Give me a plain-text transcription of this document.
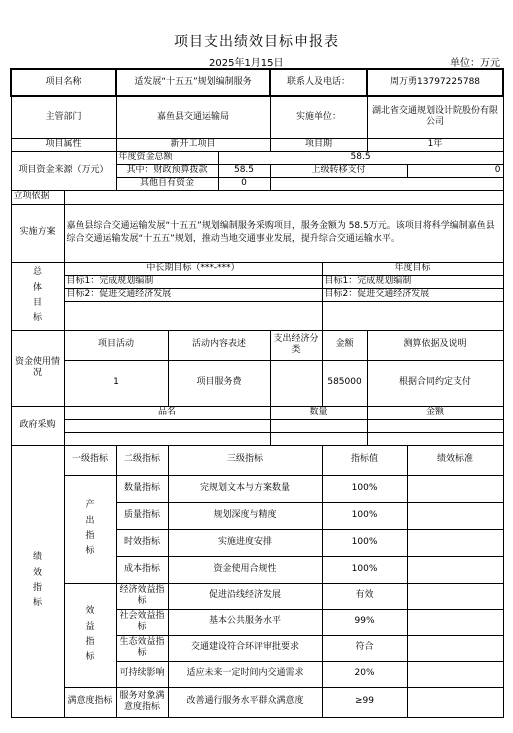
项目支出绩效目标申报表
2025年1月15日	单位：万元
项目名称		适发展“十五五”规划编制服务			联系人及电话：		周万勇13797225788	
主管部门		嘉鱼县交通运输局			实施单位：		湖北省交通规划设计院股份有限公司	
项目属性		新开工项目			项目期		1年	
项目资金来源（万元）		年度资金总额		58.5				
		其中：财政预算拨款		58.5	上级转移支付			0
		其他自有资金		0				
立项依据								
实施方案	嘉鱼县综合交通运输发展“十五五”规划编制服务采购项目，服务金额为 58.5万元。该项目将科学编制嘉鱼县综合交通运输发展“十五五”规划，推动当地交通事业发展，提升综合交通运输水平。							

总体目标	中长期目标（***-***）					年度目标		
	目标1：完成规划编制					目标1：完成规划编制		
	目标2：促进交通经济发展					目标2：促进交通经济发展		

资金使用情况	项目活动		活动内容表述		支出经济分类	金额	测算依据及说明	
	1		项目服务费			585000	根据合同约定支付	
政府采购	品名				数量		金额	

绩效指标	一级指标	二级指标	三级指标			指标值		绩效标准

	产出指标	数量指标	完规划文本与方案数量			100%		
		质量指标	规划深度与精度			100%		
		时效指标	实施进度安排			100%		
		成本指标	资金使用合规性			100%		

	效益指标	经济效益指标	促进沿线经济发展			有效		
		社会效益指标	基本公共服务水平			99%		
		生态效益指标	交通建设符合环评审批要求			符合		
		可持续影响	适应未来一定时间内交通需求			20%		
	满意度指标	服务对象满意度指标	改善通行服务水平群众满意度			≥99		
